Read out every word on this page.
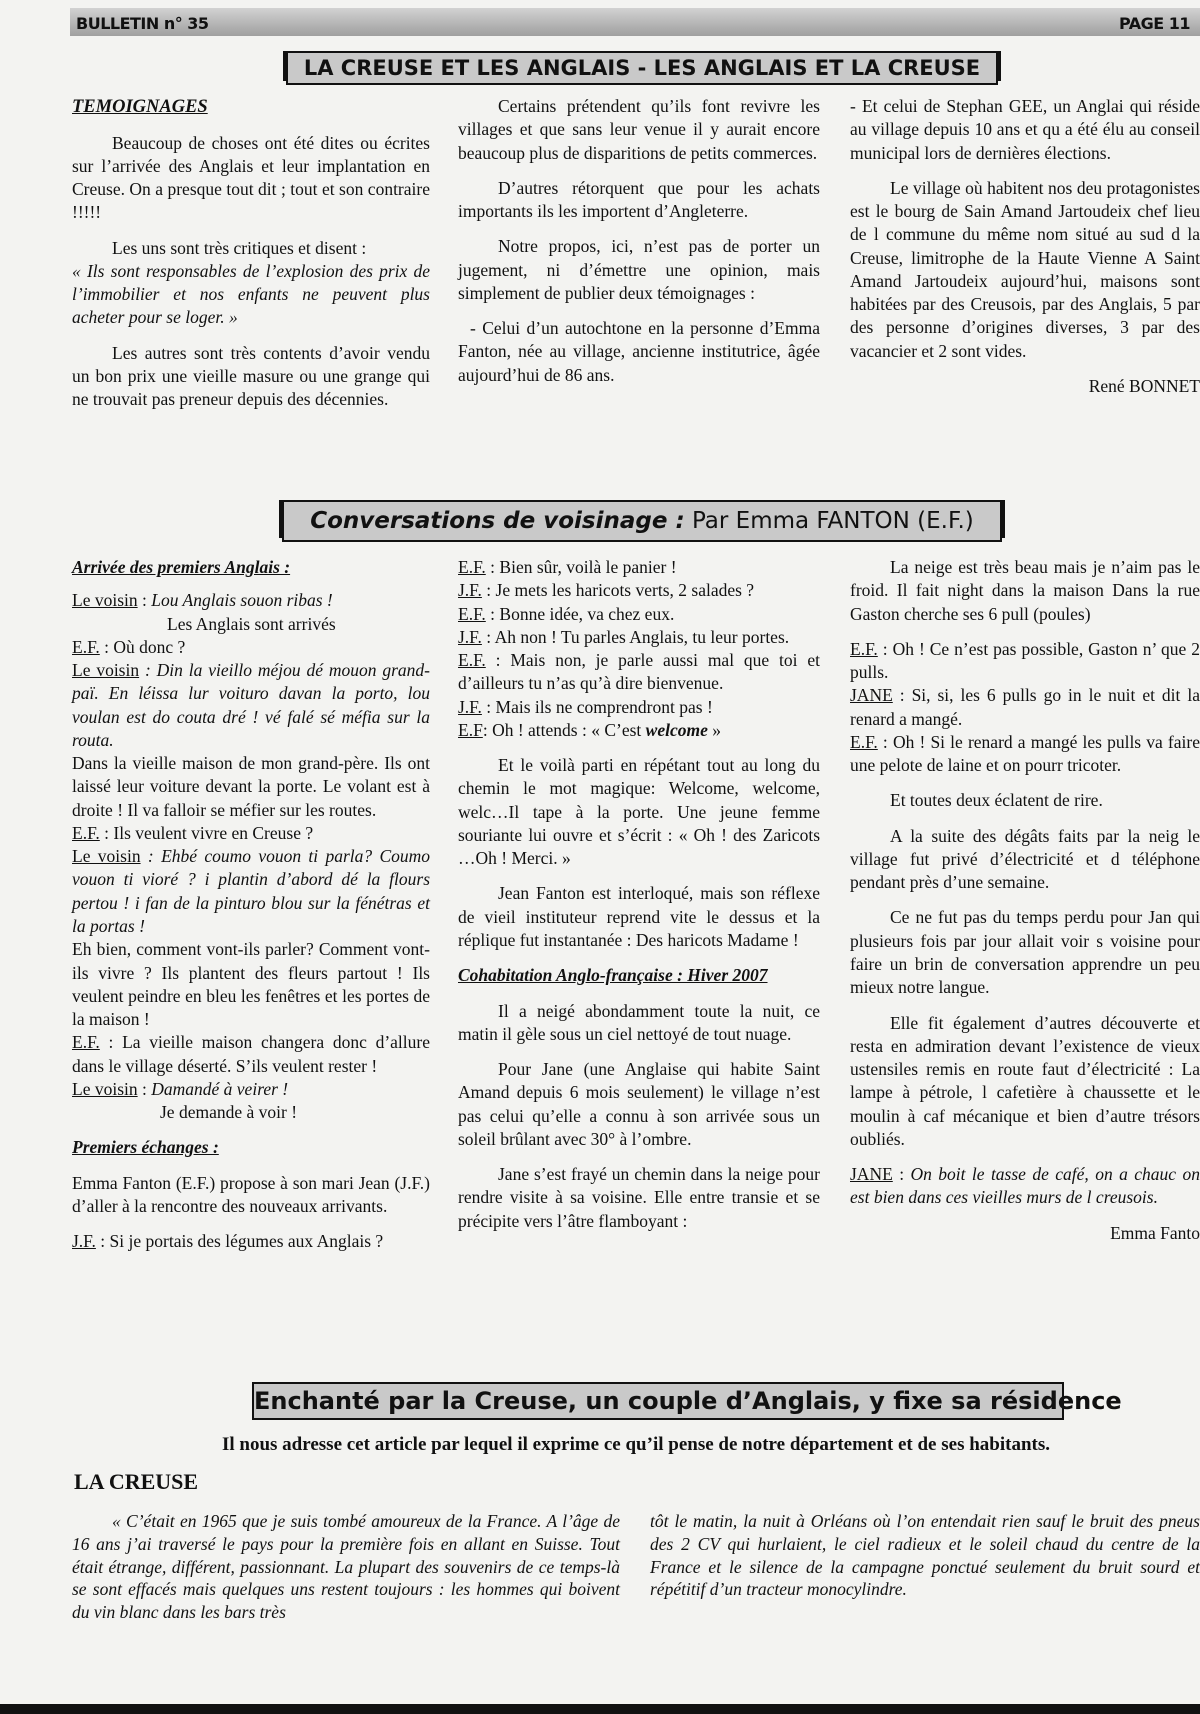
BULLETIN n° 35	PAGE 11
LA CREUSE ET LES ANGLAIS - LES ANGLAIS ET LA CREUSE

TEMOIGNAGES

Beaucoup de choses ont été dites ou écrites sur l’arrivée des Anglais et leur implantation en Creuse. On a presque tout dit ; tout et son contraire !!!!!

Les uns sont très critiques et disent :

« Ils sont responsables de l’explosion des prix de l’immobilier et nos enfants ne peuvent plus acheter pour se loger. »

Les autres sont très contents d’avoir vendu un bon prix une vieille masure ou une grange qui ne trouvait pas preneur depuis des décennies.

Certains prétendent qu’ils font revivre les villages et que sans leur venue il y aurait encore beaucoup plus de disparitions de petits commerces.

D’autres rétorquent que pour les achats importants ils les importent d’Angleterre.

Notre propos, ici, n’est pas de porter un jugement, ni d’émettre une opinion, mais simplement de publier deux témoignages :

- Celui d’un autochtone en la personne d’Emma Fanton, née au village, ancienne institutrice, âgée aujourd’hui de 86 ans.

- Et celui de Stephan GEE, un Anglai qui réside au village depuis 10 ans et qu a été élu au conseil municipal lors de dernières élections.

Le village où habitent nos deu protagonistes est le bourg de Sain Amand Jartoudeix chef lieu de l commune du même nom situé au sud d la Creuse, limitrophe de la Haute Vienne A Saint Amand Jartoudeix aujourd’hui, maisons sont habitées par des Creusois, par des Anglais, 5 par des personne d’origines diverses, 3 par des vacancier et 2 sont vides.

René BONNET

Conversations de voisinage : Par Emma FANTON (E.F.)

Arrivée des premiers Anglais :

Le voisin : Lou Anglais souon ribas !

Les Anglais sont arrivés

E.F. : Où donc ?

Le voisin : Din la vieillo méjou dé mouon grand-paï. En léissa lur voituro davan la porto, lou voulan est do couta dré ! vé falé sé méfia sur la routa.

Dans la vieille maison de mon grand-père. Ils ont laissé leur voiture devant la porte. Le volant est à droite ! Il va falloir se méfier sur les routes.

E.F. : Ils veulent vivre en Creuse ?

Le voisin : Ehbé coumo vouon ti parla? Coumo vouon ti vioré ? i plantin d’abord dé la flours pertou ! i fan de la pinturo blou sur la fénétras et la portas !

Eh bien, comment vont-ils parler? Comment vont-ils vivre ? Ils plantent des fleurs partout ! Ils veulent peindre en bleu les fenêtres et les portes de la maison !

E.F. : La vieille maison changera donc d’allure dans le village déserté. S’ils veulent rester !

Le voisin : Damandé à veirer !

Je demande à voir !

Premiers échanges :

Emma Fanton (E.F.) propose à son mari Jean (J.F.) d’aller à la rencontre des nouveaux arrivants.

J.F. : Si je portais des légumes aux Anglais ?

E.F. : Bien sûr, voilà le panier !

J.F. : Je mets les haricots verts, 2 salades ?

E.F. : Bonne idée, va chez eux.

J.F. : Ah non ! Tu parles Anglais, tu leur portes.

E.F. : Mais non, je parle aussi mal que toi et d’ailleurs tu n’as qu’à dire bienvenue.

J.F. : Mais ils ne comprendront pas !

E.F: Oh ! attends : « C’est welcome »

Et le voilà parti en répétant tout au long du chemin le mot magique: Welcome, welcome, welc…Il tape à la porte. Une jeune femme souriante lui ouvre et s’écrit : « Oh ! des Zaricots …Oh ! Merci. »

Jean Fanton est interloqué, mais son réflexe de vieil instituteur reprend vite le dessus et la réplique fut instantanée : Des haricots Madame !

Cohabitation Anglo-française : Hiver 2007

Il a neigé abondamment toute la nuit, ce matin il gèle sous un ciel nettoyé de tout nuage.

Pour Jane (une Anglaise qui habite Saint Amand depuis 6 mois seulement) le village n’est pas celui qu’elle a connu à son arrivée sous un soleil brûlant avec 30° à l’ombre.

Jane s’est frayé un chemin dans la neige pour rendre visite à sa voisine. Elle entre transie et se précipite vers l’âtre flamboyant :

La neige est très beau mais je n’aim pas le froid. Il fait night dans la maison Dans la rue Gaston cherche ses 6 pull (poules)

E.F. : Oh ! Ce n’est pas possible, Gaston n’ que 2 pulls.

JANE : Si, si, les 6 pulls go in le nuit et dit la renard a mangé.

E.F. : Oh ! Si le renard a mangé les pulls va faire une pelote de laine et on pourr tricoter.

Et toutes deux éclatent de rire.

A la suite des dégâts faits par la neig le village fut privé d’électricité et d téléphone pendant près d’une semaine.

Ce ne fut pas du temps perdu pour Jan qui plusieurs fois par jour allait voir s voisine pour faire un brin de conversation apprendre un peu mieux notre langue.

Elle fit également d’autres découverte et resta en admiration devant l’existence de vieux ustensiles remis en route faut d’électricité : La lampe à pétrole, l cafetière à chaussette et le moulin à caf mécanique et bien d’autre trésors oubliés.

JANE : On boit le tasse de café, on a chauc on est bien dans ces vieilles murs de l creusois.

Emma Fanto

Enchanté par la Creuse, un couple d’Anglais, y fixe sa résidence

Il nous adresse cet article par lequel il exprime ce qu’il pense de notre département et de ses habitants.

LA CREUSE

« C’était en 1965 que je suis tombé amoureux de la France. A l’âge de 16 ans j’ai traversé le pays pour la première fois en allant en Suisse. Tout était étrange, différent, passionnant. La plupart des souvenirs de ce temps-là se sont effacés mais quelques uns restent toujours : les hommes qui boivent du vin blanc dans les bars très

tôt le matin, la nuit à Orléans où l’on entendait rien sauf le bruit des pneus des 2 CV qui hurlaient, le ciel radieux et le soleil chaud du centre de la France et le silence de la campagne ponctué seulement du bruit sourd et répétitif d’un tracteur monocylindre.
